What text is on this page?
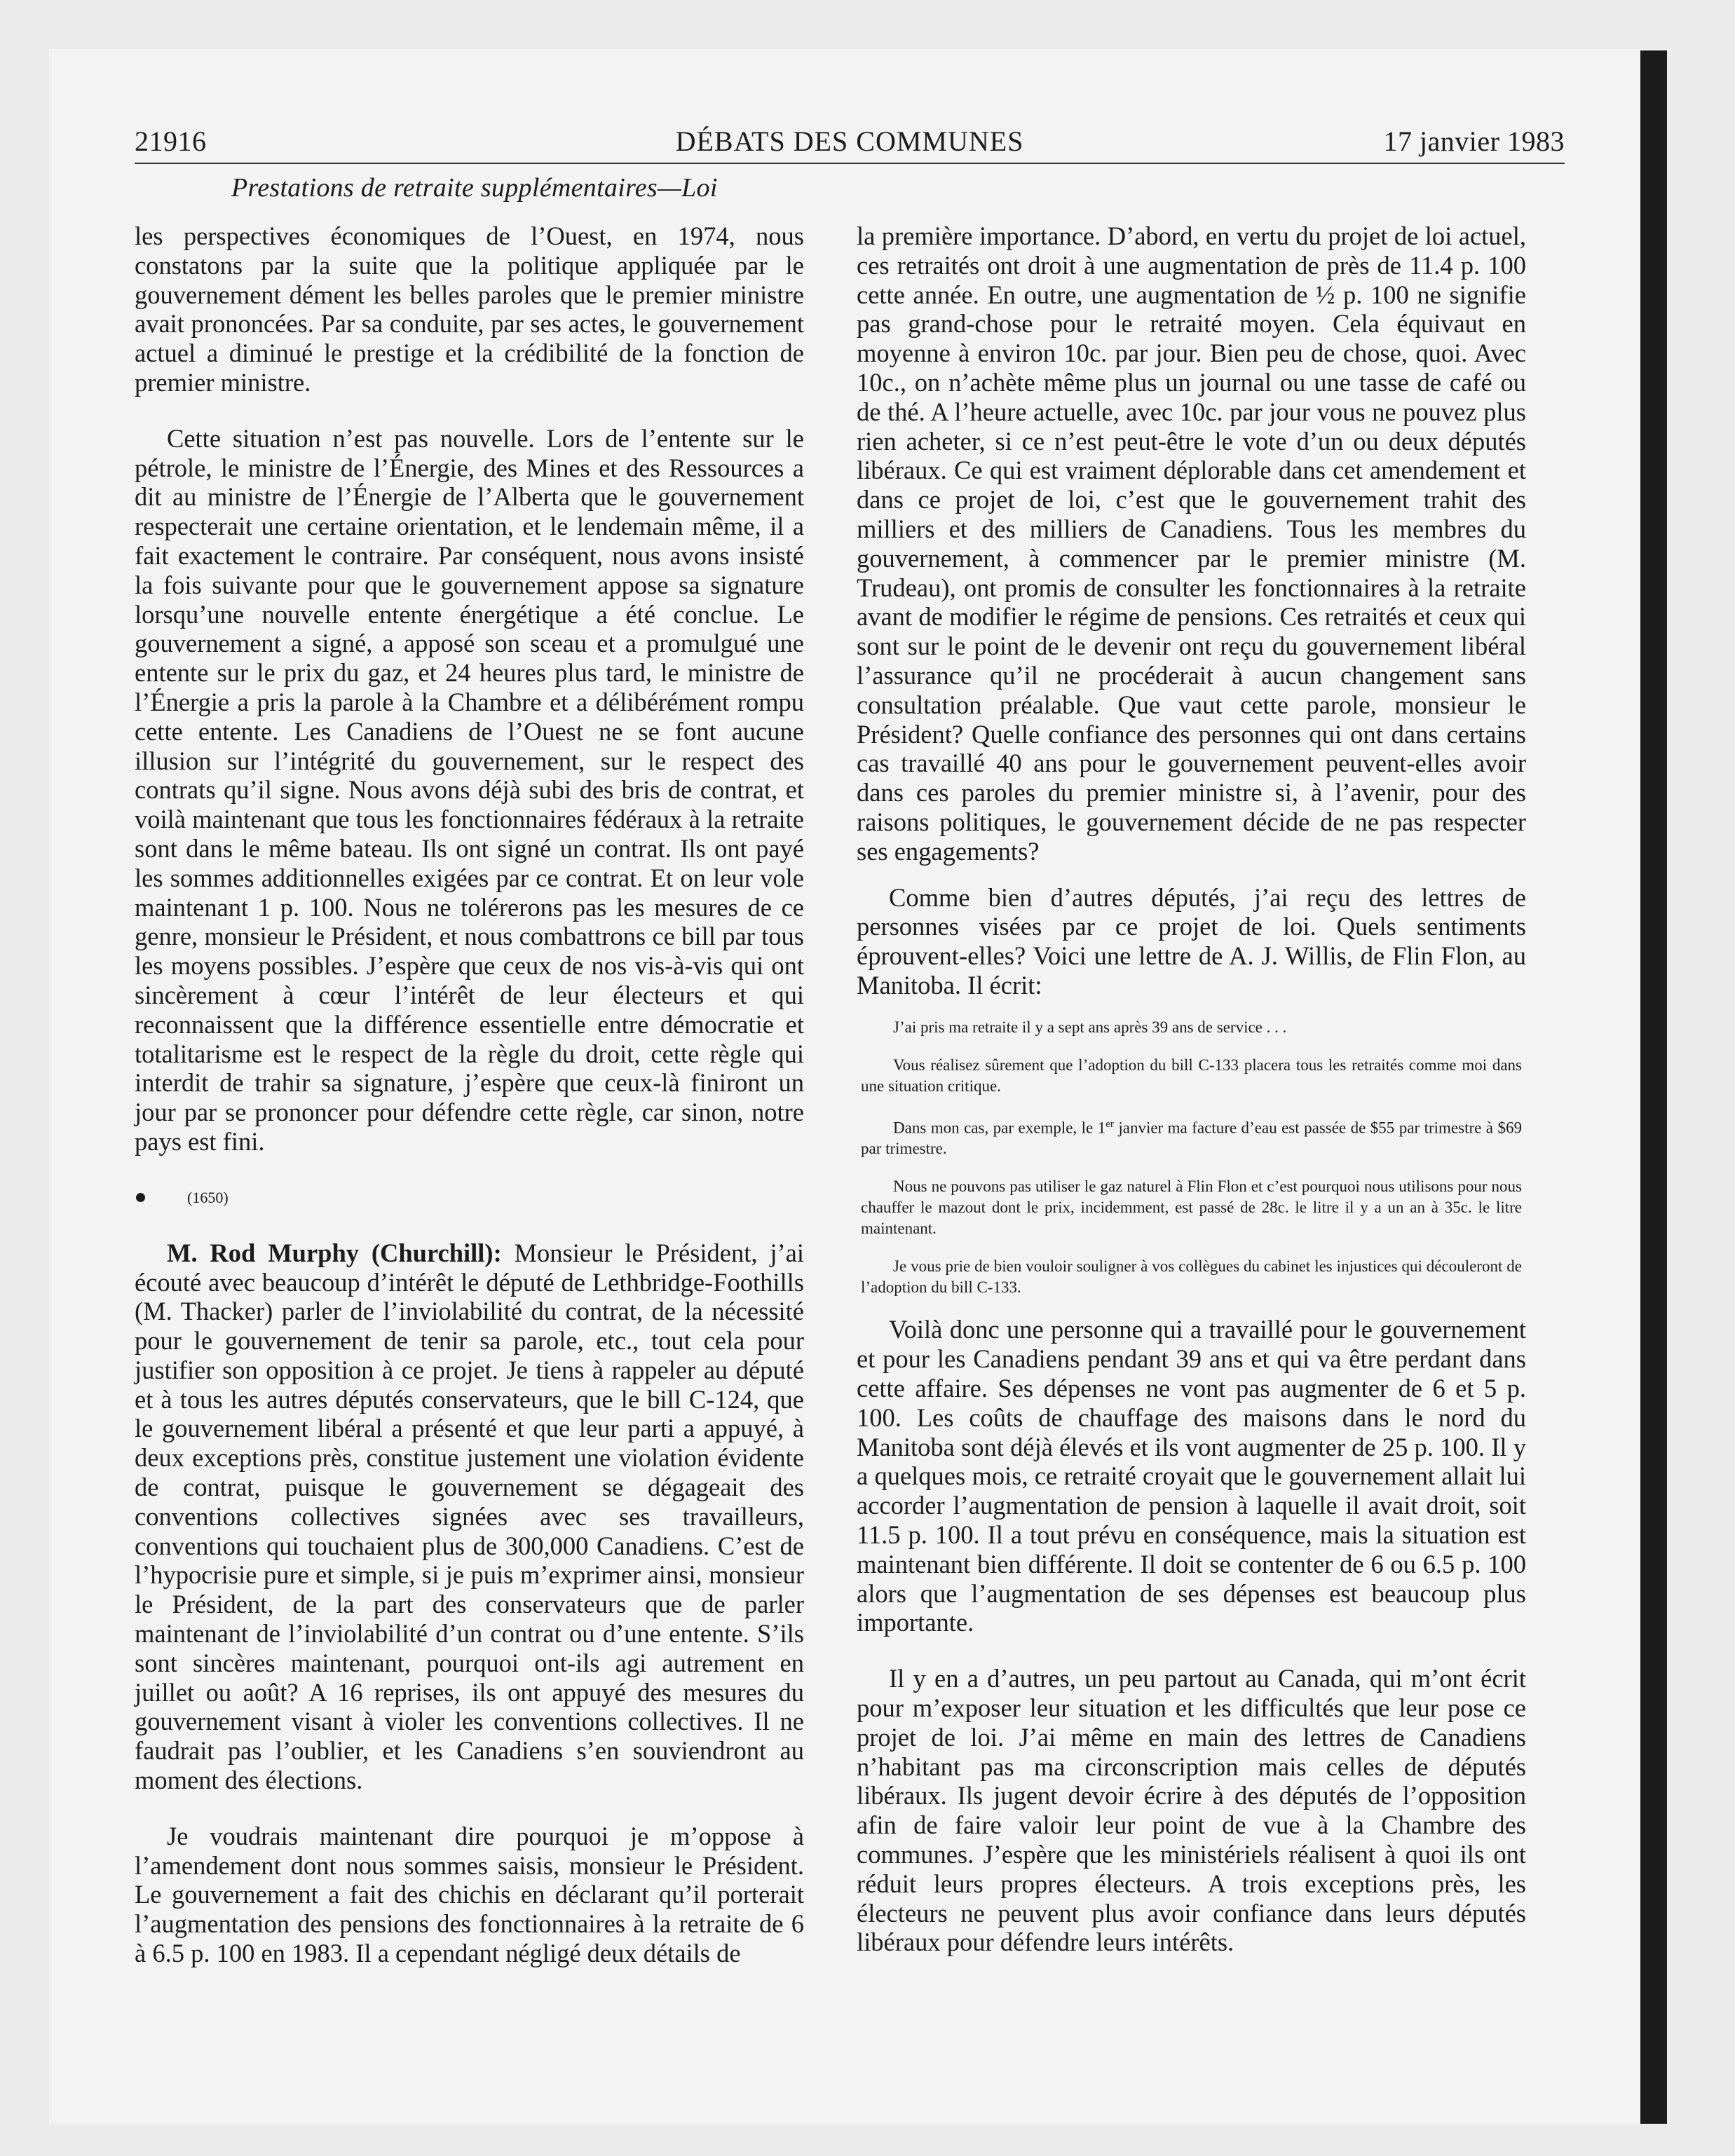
DÉBATS DES COMMUNES
21916	17 janvier 1983
Prestations de retraite supplémentaires—Loi

les perspectives économiques de l’Ouest, en 1974, nous constatons par la suite que la politique appliquée par le gouvernement dément les belles paroles que le premier ministre avait prononcées. Par sa conduite, par ses actes, le gouvernement actuel a diminué le prestige et la crédibilité de la fonction de premier ministre.

Cette situation n’est pas nouvelle. Lors de l’entente sur le pétrole, le ministre de l’Énergie, des Mines et des Ressources a dit au ministre de l’Énergie de l’Alberta que le gouvernement respecterait une certaine orientation, et le lendemain même, il a fait exactement le contraire. Par conséquent, nous avons insisté la fois suivante pour que le gouvernement appose sa signature lorsqu’une nouvelle entente énergétique a été conclue. Le gouvernement a signé, a apposé son sceau et a promulgué une entente sur le prix du gaz, et 24 heures plus tard, le ministre de l’Énergie a pris la parole à la Chambre et a délibérément rompu cette entente. Les Canadiens de l’Ouest ne se font aucune illusion sur l’intégrité du gouvernement, sur le respect des contrats qu’il signe. Nous avons déjà subi des bris de contrat, et voilà maintenant que tous les fonctionnaires fédéraux à la retraite sont dans le même bateau. Ils ont signé un contrat. Ils ont payé les sommes additionnelles exigées par ce contrat. Et on leur vole maintenant 1 p. 100. Nous ne tolérerons pas les mesures de ce genre, monsieur le Président, et nous combattrons ce bill par tous les moyens possibles. J’espère que ceux de nos vis-à-vis qui ont sincèrement à cœur l’intérêt de leur électeurs et qui reconnaissent que la différence essentielle entre démocratie et totalitarisme est le respect de la règle du droit, cette règle qui interdit de trahir sa signature, j’espère que ceux-là finiront un jour par se prononcer pour défendre cette règle, car sinon, notre pays est fini.

(1650)

M. Rod Murphy (Churchill): Monsieur le Président, j’ai écouté avec beaucoup d’intérêt le député de Lethbridge-Foothills (M. Thacker) parler de l’inviolabilité du contrat, de la nécessité pour le gouvernement de tenir sa parole, etc., tout cela pour justifier son opposition à ce projet. Je tiens à rappeler au député et à tous les autres députés conservateurs, que le bill C-124, que le gouvernement libéral a présenté et que leur parti a appuyé, à deux exceptions près, constitue justement une violation évidente de contrat, puisque le gouvernement se dégageait des conventions collectives signées avec ses travailleurs, conventions qui touchaient plus de 300,000 Canadiens. C’est de l’hypocrisie pure et simple, si je puis m’exprimer ainsi, monsieur le Président, de la part des conservateurs que de parler maintenant de l’inviolabilité d’un contrat ou d’une entente. S’ils sont sincères maintenant, pourquoi ont-ils agi autrement en juillet ou août? A 16 reprises, ils ont appuyé des mesures du gouvernement visant à violer les conventions collectives. Il ne faudrait pas l’oublier, et les Canadiens s’en souviendront au moment des élections.

Je voudrais maintenant dire pourquoi je m’oppose à l’amendement dont nous sommes saisis, monsieur le Président. Le gouvernement a fait des chichis en déclarant qu’il porterait l’augmentation des pensions des fonctionnaires à la retraite de 6 à 6.5 p. 100 en 1983. Il a cependant négligé deux détails de

la première importance. D’abord, en vertu du projet de loi actuel, ces retraités ont droit à une augmentation de près de 11.4 p. 100 cette année. En outre, une augmentation de ½ p. 100 ne signifie pas grand-chose pour le retraité moyen. Cela équivaut en moyenne à environ 10c. par jour. Bien peu de chose, quoi. Avec 10c., on n’achète même plus un journal ou une tasse de café ou de thé. A l’heure actuelle, avec 10c. par jour vous ne pouvez plus rien acheter, si ce n’est peut-être le vote d’un ou deux députés libéraux. Ce qui est vraiment déplorable dans cet amendement et dans ce projet de loi, c’est que le gouvernement trahit des milliers et des milliers de Canadiens. Tous les membres du gouvernement, à commencer par le premier ministre (M. Trudeau), ont promis de consulter les fonctionnaires à la retraite avant de modifier le régime de pensions. Ces retraités et ceux qui sont sur le point de le devenir ont reçu du gouvernement libéral l’assurance qu’il ne procéderait à aucun changement sans consultation préalable. Que vaut cette parole, monsieur le Président? Quelle confiance des personnes qui ont dans certains cas travaillé 40 ans pour le gouvernement peuvent-elles avoir dans ces paroles du premier ministre si, à l’avenir, pour des raisons politiques, le gouvernement décide de ne pas respecter ses engagements?

Comme bien d’autres députés, j’ai reçu des lettres de personnes visées par ce projet de loi. Quels sentiments éprouvent-elles? Voici une lettre de A. J. Willis, de Flin Flon, au Manitoba. Il écrit:

J’ai pris ma retraite il y a sept ans après 39 ans de service . . .

Vous réalisez sûrement que l’adoption du bill C-133 placera tous les retraités comme moi dans une situation critique.

Dans mon cas, par exemple, le 1er janvier ma facture d’eau est passée de $55 par trimestre à $69 par trimestre.

Nous ne pouvons pas utiliser le gaz naturel à Flin Flon et c’est pourquoi nous utilisons pour nous chauffer le mazout dont le prix, incidemment, est passé de 28c. le litre il y a un an à 35c. le litre maintenant.

Je vous prie de bien vouloir souligner à vos collègues du cabinet les injustices qui découleront de l’adoption du bill C-133.

Voilà donc une personne qui a travaillé pour le gouvernement et pour les Canadiens pendant 39 ans et qui va être perdant dans cette affaire. Ses dépenses ne vont pas augmenter de 6 et 5 p. 100. Les coûts de chauffage des maisons dans le nord du Manitoba sont déjà élevés et ils vont augmenter de 25 p. 100. Il y a quelques mois, ce retraité croyait que le gouvernement allait lui accorder l’augmentation de pension à laquelle il avait droit, soit 11.5 p. 100. Il a tout prévu en conséquence, mais la situation est maintenant bien différente. Il doit se contenter de 6 ou 6.5 p. 100 alors que l’augmentation de ses dépenses est beaucoup plus importante.

Il y en a d’autres, un peu partout au Canada, qui m’ont écrit pour m’exposer leur situation et les difficultés que leur pose ce projet de loi. J’ai même en main des lettres de Canadiens n’habitant pas ma circonscription mais celles de députés libéraux. Ils jugent devoir écrire à des députés de l’opposition afin de faire valoir leur point de vue à la Chambre des communes. J’espère que les ministériels réalisent à quoi ils ont réduit leurs propres électeurs. A trois exceptions près, les électeurs ne peuvent plus avoir confiance dans leurs députés libéraux pour défendre leurs intérêts.
